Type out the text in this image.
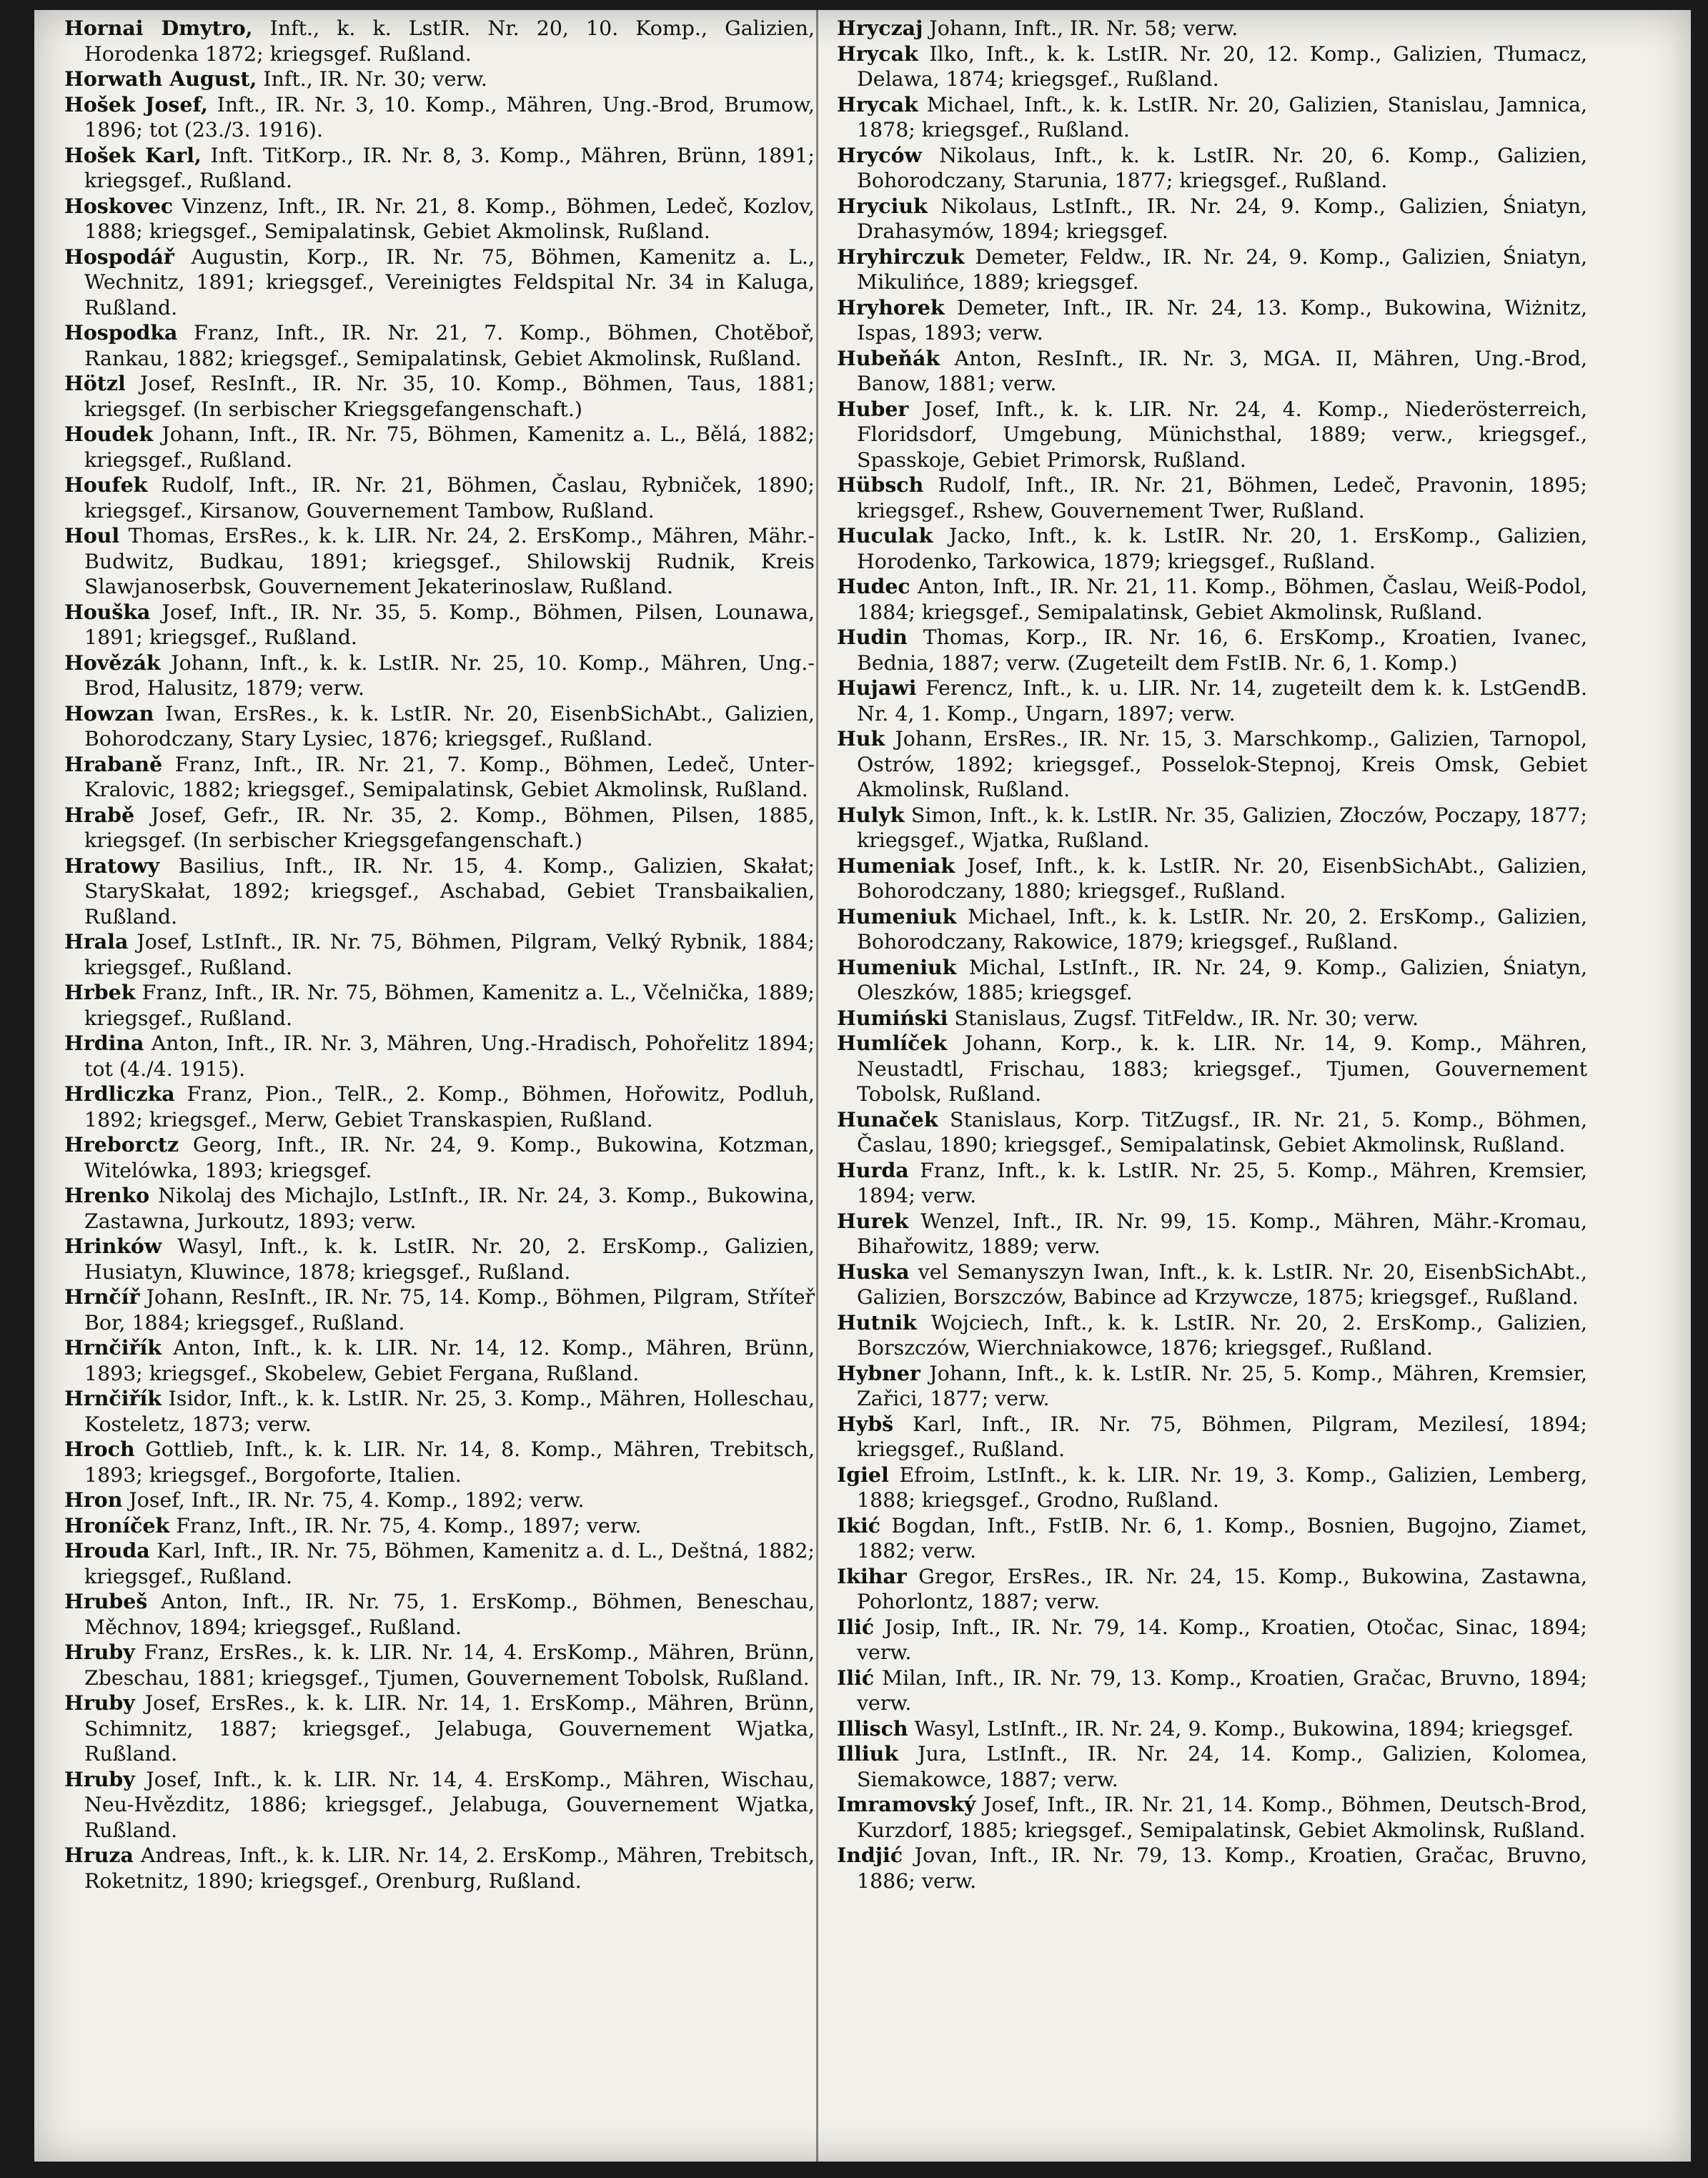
Hornai Dmytro, Inft., k. k. LstIR. Nr. 20, 10. Komp., Galizien, Horodenka 1872; kriegsgef. Rußland.

Horwath August, Inft., IR. Nr. 30; verw.

Hošek Josef, Inft., IR. Nr. 3, 10. Komp., Mähren, Ung.-Brod, Brumow, 1896; tot (23./3. 1916).

Hošek Karl, Inft. TitKorp., IR. Nr. 8, 3. Komp., Mähren, Brünn, 1891; kriegsgef., Rußland.

Hoskovec Vinzenz, Inft., IR. Nr. 21, 8. Komp., Böhmen, Ledeč, Kozlov, 1888; kriegsgef., Semipalatinsk, Gebiet Akmolinsk, Rußland.

Hospodář Augustin, Korp., IR. Nr. 75, Böhmen, Kamenitz a. L., Wechnitz, 1891; kriegsgef., Vereinigtes Feldspital Nr. 34 in Kaluga, Rußland.

Hospodka Franz, Inft., IR. Nr. 21, 7. Komp., Böhmen, Chotěboř, Rankau, 1882; kriegsgef., Semipalatinsk, Gebiet Akmolinsk, Rußland.

Hötzl Josef, ResInft., IR. Nr. 35, 10. Komp., Böhmen, Taus, 1881; kriegsgef. (In serbischer Kriegsgefangenschaft.)

Houdek Johann, Inft., IR. Nr. 75, Böhmen, Kamenitz a. L., Bělá, 1882; kriegsgef., Rußland.

Houfek Rudolf, Inft., IR. Nr. 21, Böhmen, Časlau, Rybniček, 1890; kriegsgef., Kirsanow, Gouvernement Tambow, Rußland.

Houl Thomas, ErsRes., k. k. LIR. Nr. 24, 2. ErsKomp., Mähren, Mähr.-Budwitz, Budkau, 1891; kriegsgef., Shilowskij Rudnik, Kreis Slawjanoserbsk, Gouvernement Jekaterinoslaw, Rußland.

Houška Josef, Inft., IR. Nr. 35, 5. Komp., Böhmen, Pilsen, Lounawa, 1891; kriegsgef., Rußland.

Hovězák Johann, Inft., k. k. LstIR. Nr. 25, 10. Komp., Mähren, Ung.-Brod, Halusitz, 1879; verw.

Howzan Iwan, ErsRes., k. k. LstIR. Nr. 20, EisenbSichAbt., Galizien, Bohorodczany, Stary Lysiec, 1876; kriegsgef., Rußland.

Hrabaně Franz, Inft., IR. Nr. 21, 7. Komp., Böhmen, Ledeč, Unter-Kralovic, 1882; kriegsgef., Semipalatinsk, Gebiet Akmolinsk, Rußland.

Hrabě Josef, Gefr., IR. Nr. 35, 2. Komp., Böhmen, Pilsen, 1885, kriegsgef. (In serbischer Kriegsgefangenschaft.)

Hratowy Basilius, Inft., IR. Nr. 15, 4. Komp., Galizien, Skałat; StarySkałat, 1892; kriegsgef., Aschabad, Gebiet Transbaikalien, Rußland.

Hrala Josef, LstInft., IR. Nr. 75, Böhmen, Pilgram, Velký Rybnik, 1884; kriegsgef., Rußland.

Hrbek Franz, Inft., IR. Nr. 75, Böhmen, Kamenitz a. L., Včelnička, 1889; kriegsgef., Rußland.

Hrdina Anton, Inft., IR. Nr. 3, Mähren, Ung.-Hradisch, Pohořelitz 1894; tot (4./4. 1915).

Hrdliczka Franz, Pion., TelR., 2. Komp., Böhmen, Hořowitz, Podluh, 1892; kriegsgef., Merw, Gebiet Transkaspien, Rußland.

Hreborctz Georg, Inft., IR. Nr. 24, 9. Komp., Bukowina, Kotzman, Witelówka, 1893; kriegsgef.

Hrenko Nikolaj des Michajlo, LstInft., IR. Nr. 24, 3. Komp., Bukowina, Zastawna, Jurkoutz, 1893; verw.

Hrinków Wasyl, Inft., k. k. LstIR. Nr. 20, 2. ErsKomp., Galizien, Husiatyn, Kluwince, 1878; kriegsgef., Rußland.

Hrnčíř Johann, ResInft., IR. Nr. 75, 14. Komp., Böhmen, Pilgram, Stříteř Bor, 1884; kriegsgef., Rußland.

Hrnčiřík Anton, Inft., k. k. LIR. Nr. 14, 12. Komp., Mähren, Brünn, 1893; kriegsgef., Skobelew, Gebiet Fergana, Rußland.

Hrnčiřík Isidor, Inft., k. k. LstIR. Nr. 25, 3. Komp., Mähren, Holleschau, Kosteletz, 1873; verw.

Hroch Gottlieb, Inft., k. k. LIR. Nr. 14, 8. Komp., Mähren, Trebitsch, 1893; kriegsgef., Borgoforte, Italien.

Hron Josef, Inft., IR. Nr. 75, 4. Komp., 1892; verw.

Hroníček Franz, Inft., IR. Nr. 75, 4. Komp., 1897; verw.

Hrouda Karl, Inft., IR. Nr. 75, Böhmen, Kamenitz a. d. L., Deštná, 1882; kriegsgef., Rußland.

Hrubeš Anton, Inft., IR. Nr. 75, 1. ErsKomp., Böhmen, Beneschau, Měchnov, 1894; kriegsgef., Rußland.

Hruby Franz, ErsRes., k. k. LIR. Nr. 14, 4. ErsKomp., Mähren, Brünn, Zbeschau, 1881; kriegsgef., Tjumen, Gouvernement Tobolsk, Rußland.

Hruby Josef, ErsRes., k. k. LIR. Nr. 14, 1. ErsKomp., Mähren, Brünn, Schimnitz, 1887; kriegsgef., Jelabuga, Gouvernement Wjatka, Rußland.

Hruby Josef, Inft., k. k. LIR. Nr. 14, 4. ErsKomp., Mähren, Wischau, Neu-Hvězditz, 1886; kriegsgef., Jelabuga, Gouvernement Wjatka, Rußland.

Hruza Andreas, Inft., k. k. LIR. Nr. 14, 2. ErsKomp., Mähren, Trebitsch, Roketnitz, 1890; kriegsgef., Orenburg, Rußland.

Hryczaj Johann, Inft., IR. Nr. 58; verw.

Hrycak Ilko, Inft., k. k. LstIR. Nr. 20, 12. Komp., Galizien, Tłumacz, Delawa, 1874; kriegsgef., Rußland.

Hrycak Michael, Inft., k. k. LstIR. Nr. 20, Galizien, Stanislau, Jamnica, 1878; kriegsgef., Rußland.

Hryców Nikolaus, Inft., k. k. LstIR. Nr. 20, 6. Komp., Galizien, Bohorodczany, Starunia, 1877; kriegsgef., Rußland.

Hryciuk Nikolaus, LstInft., IR. Nr. 24, 9. Komp., Galizien, Śniatyn, Drahasymów, 1894; kriegsgef.

Hryhirczuk Demeter, Feldw., IR. Nr. 24, 9. Komp., Galizien, Śniatyn, Mikulińce, 1889; kriegsgef.

Hryhorek Demeter, Inft., IR. Nr. 24, 13. Komp., Bukowina, Wiżnitz, Ispas, 1893; verw.

Hubeňák Anton, ResInft., IR. Nr. 3, MGA. II, Mähren, Ung.-Brod, Banow, 1881; verw.

Huber Josef, Inft., k. k. LIR. Nr. 24, 4. Komp., Niederösterreich, Floridsdorf, Umgebung, Münichsthal, 1889; verw., kriegsgef., Spasskoje, Gebiet Primorsk, Rußland.

Hübsch Rudolf, Inft., IR. Nr. 21, Böhmen, Ledeč, Pravonin, 1895; kriegsgef., Rshew, Gouvernement Twer, Rußland.

Huculak Jacko, Inft., k. k. LstIR. Nr. 20, 1. ErsKomp., Galizien, Horodenko, Tarkowica, 1879; kriegsgef., Rußland.

Hudec Anton, Inft., IR. Nr. 21, 11. Komp., Böhmen, Časlau, Weiß-Podol, 1884; kriegsgef., Semipalatinsk, Gebiet Akmolinsk, Rußland.

Hudin Thomas, Korp., IR. Nr. 16, 6. ErsKomp., Kroatien, Ivanec, Bednia, 1887; verw. (Zugeteilt dem FstIB. Nr. 6, 1. Komp.)

Hujawi Ferencz, Inft., k. u. LIR. Nr. 14, zugeteilt dem k. k. LstGendB. Nr. 4, 1. Komp., Ungarn, 1897; verw.

Huk Johann, ErsRes., IR. Nr. 15, 3. Marschkomp., Galizien, Tarnopol, Ostrów, 1892; kriegsgef., Posselok-Stepnoj, Kreis Omsk, Gebiet Akmolinsk, Rußland.

Hulyk Simon, Inft., k. k. LstIR. Nr. 35, Galizien, Złoczów, Poczapy, 1877; kriegsgef., Wjatka, Rußland.

Humeniak Josef, Inft., k. k. LstIR. Nr. 20, EisenbSichAbt., Galizien, Bohorodczany, 1880; kriegsgef., Rußland.

Humeniuk Michael, Inft., k. k. LstIR. Nr. 20, 2. ErsKomp., Galizien, Bohorodczany, Rakowice, 1879; kriegsgef., Rußland.

Humeniuk Michal, LstInft., IR. Nr. 24, 9. Komp., Galizien, Śniatyn, Oleszków, 1885; kriegsgef.

Humiński Stanislaus, Zugsf. TitFeldw., IR. Nr. 30; verw.

Humlíček Johann, Korp., k. k. LIR. Nr. 14, 9. Komp., Mähren, Neustadtl, Frischau, 1883; kriegsgef., Tjumen, Gouvernement Tobolsk, Rußland.

Hunaček Stanislaus, Korp. TitZugsf., IR. Nr. 21, 5. Komp., Böhmen, Časlau, 1890; kriegsgef., Semipalatinsk, Gebiet Akmolinsk, Rußland.

Hurda Franz, Inft., k. k. LstIR. Nr. 25, 5. Komp., Mähren, Kremsier, 1894; verw.

Hurek Wenzel, Inft., IR. Nr. 99, 15. Komp., Mähren, Mähr.-Kromau, Bihařowitz, 1889; verw.

Huska vel Semanyszyn Iwan, Inft., k. k. LstIR. Nr. 20, EisenbSichAbt., Galizien, Borszczów, Babince ad Krzywcze, 1875; kriegsgef., Rußland.

Hutnik Wojciech, Inft., k. k. LstIR. Nr. 20, 2. ErsKomp., Galizien, Borszczów, Wierchniakowce, 1876; kriegsgef., Rußland.

Hybner Johann, Inft., k. k. LstIR. Nr. 25, 5. Komp., Mähren, Kremsier, Zařici, 1877; verw.

Hybš Karl, Inft., IR. Nr. 75, Böhmen, Pilgram, Mezilesí, 1894; kriegsgef., Rußland.

Igiel Efroim, LstInft., k. k. LIR. Nr. 19, 3. Komp., Galizien, Lemberg, 1888; kriegsgef., Grodno, Rußland.

Ikić Bogdan, Inft., FstIB. Nr. 6, 1. Komp., Bosnien, Bugojno, Ziamet, 1882; verw.

Ikihar Gregor, ErsRes., IR. Nr. 24, 15. Komp., Bukowina, Zastawna, Pohorlontz, 1887; verw.

Ilić Josip, Inft., IR. Nr. 79, 14. Komp., Kroatien, Otočac, Sinac, 1894; verw.

Ilić Milan, Inft., IR. Nr. 79, 13. Komp., Kroatien, Gračac, Bruvno, 1894; verw.

Illisch Wasyl, LstInft., IR. Nr. 24, 9. Komp., Bukowina, 1894; kriegsgef.

Illiuk Jura, LstInft., IR. Nr. 24, 14. Komp., Galizien, Kolomea, Siemakowce, 1887; verw.

Imramovský Josef, Inft., IR. Nr. 21, 14. Komp., Böhmen, Deutsch-Brod, Kurzdorf, 1885; kriegsgef., Semipalatinsk, Gebiet Akmolinsk, Rußland.

Indjić Jovan, Inft., IR. Nr. 79, 13. Komp., Kroatien, Gračac, Bruvno, 1886; verw.
